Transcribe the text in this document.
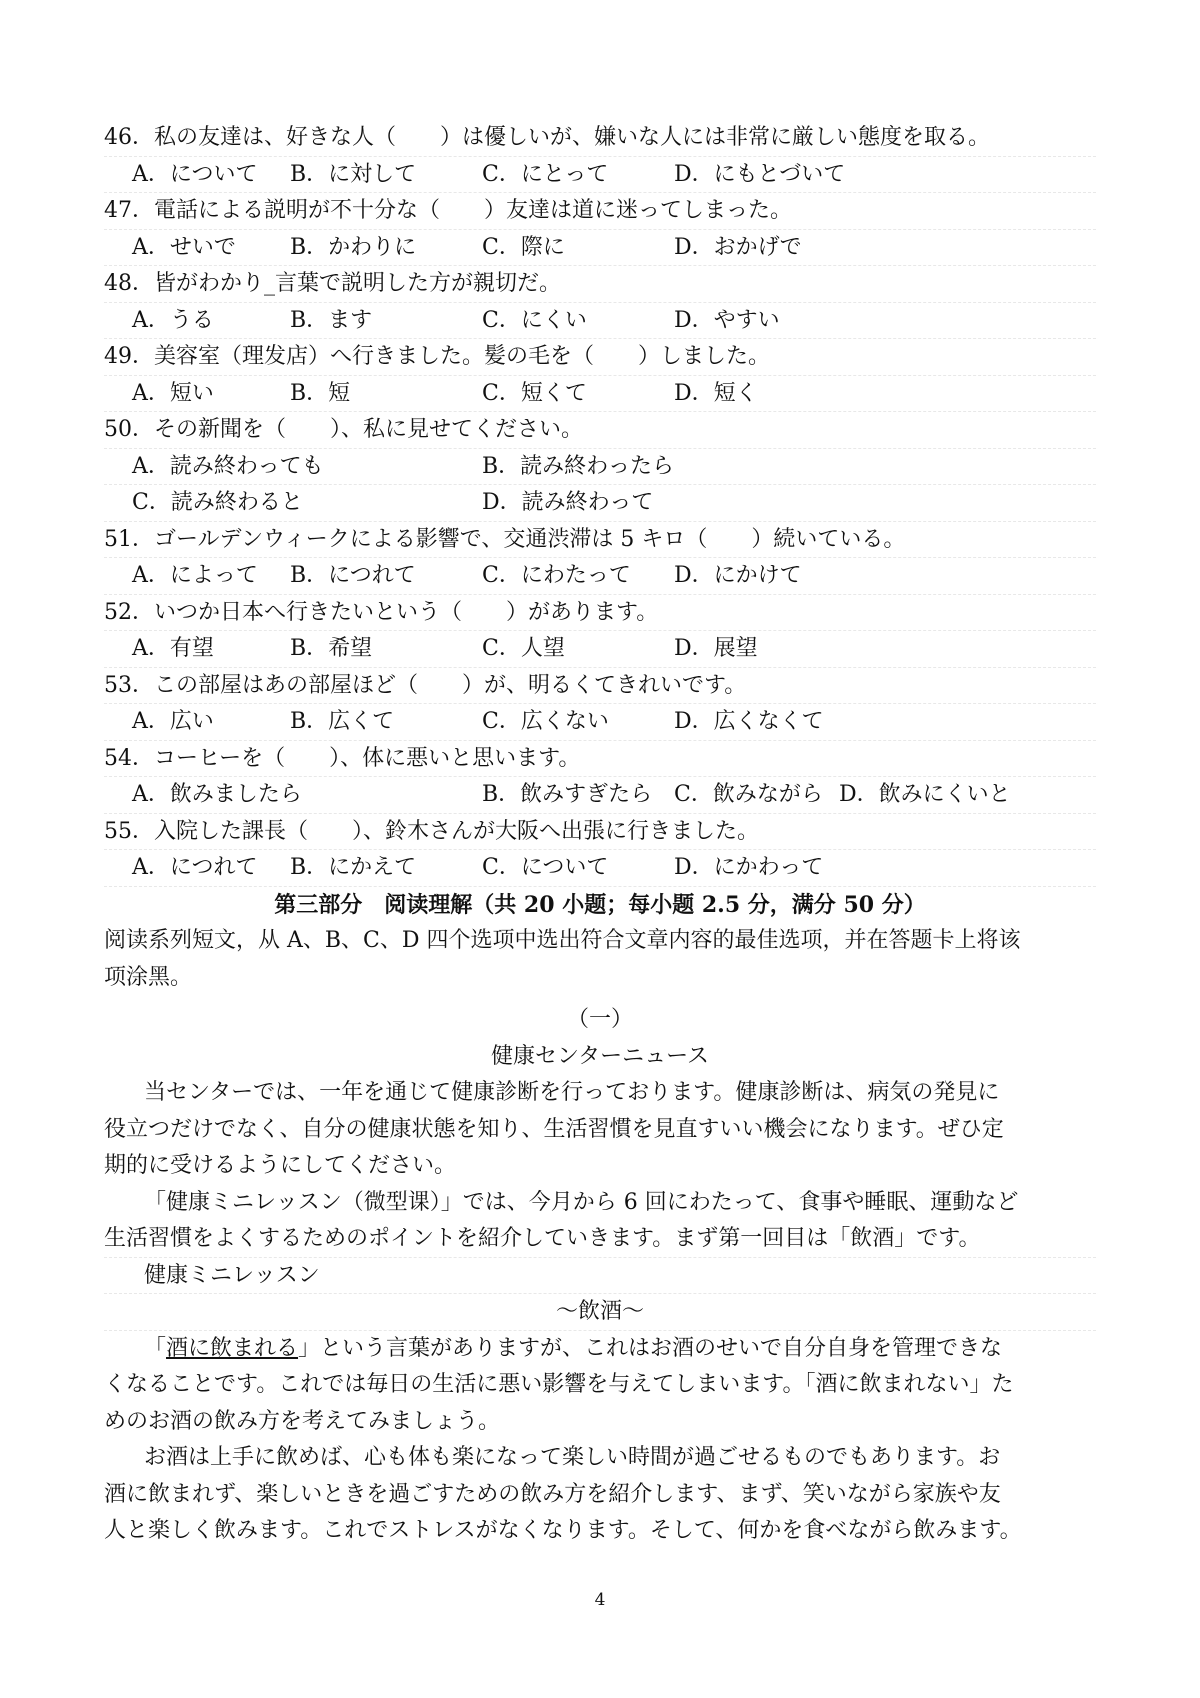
46．私の友達は、好きな人（　　）は優しいが、嫌いな人には非常に厳しい態度を取る。
A．について B．に対して	C．にとって	D．にもとづいて
47．電話による説明が不十分な（　　）友達は道に迷ってしまった。
A．せいで B．かわりに	C．際に	D．おかげで
48．皆がわかり_言葉で説明した方が親切だ。
A．うる	B．ます	C．にくい	D．やすい
49．美容室（理发店）へ行きました。髪の毛を（　　）しました。
A．短い	B．短	C．短くて	D．短く
50．その新聞を（　　）、私に見せてください。
A．読み終わっても	B．読み終わったら
C．読み終わると	D．読み終わって
51．ゴールデンウィークによる影響で、交通渋滞は 5 キロ（　　）続いている。
A．によって B．につれて	C．にわたって D．にかけて
52．いつか日本へ行きたいという（　　）があります。
A．有望	B．希望	C．人望	D．展望
53．この部屋はあの部屋ほど（　　）が、明るくてきれいです。
A．広い	B．広くて	C．広くない	D．広くなくて
54．コーヒーを（　　）、体に悪いと思います。
A．飲みましたら	B．飲みすぎたら C．飲みながら D．飲みにくいと
55．入院した課長（　　）、鈴木さんが大阪へ出張に行きました。
A．につれて B．にかえて	C．について	D．にかわって
第三部分　阅读理解（共 20 小题；每小题 2.5 分，满分 50 分）
阅读系列短文，从 A、B、C、D 四个选项中选出符合文章内容的最佳选项，并在答题卡上将该
项涂黑。
（一）
健康センターニュース
当センターでは、一年を通じて健康診断を行っております。健康診断は、病気の発見に
役立つだけでなく、自分の健康状態を知り、生活習慣を見直すいい機会になります。ぜひ定
期的に受けるようにしてください。
「健康ミニレッスン（微型课）」では、今月から 6 回にわたって、食事や睡眠、運動など
生活習慣をよくするためのポイントを紹介していきます。まず第一回目は「飲酒」です。
健康ミニレッスン
～飲酒～
「酒に飲まれる」という言葉がありますが、これはお酒のせいで自分自身を管理できな
くなることです。これでは毎日の生活に悪い影響を与えてしまいます。「酒に飲まれない」た
めのお酒の飲み方を考えてみましょう。
お酒は上手に飲めば、心も体も楽になって楽しい時間が過ごせるものでもあります。お
酒に飲まれず、楽しいときを過ごすための飲み方を紹介します、まず、笑いながら家族や友
人と楽しく飲みます。これでストレスがなくなります。そして、何かを食べながら飲みます。
4
